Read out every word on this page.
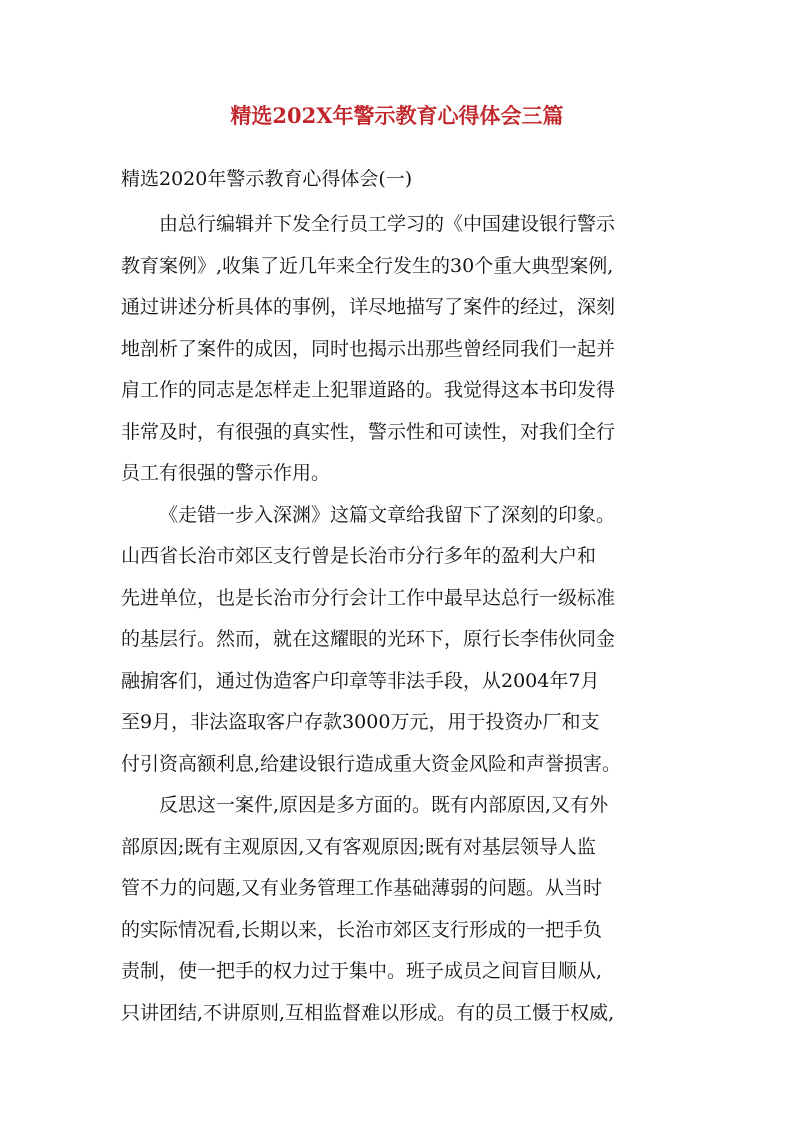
精选202X年警示教育心得体会三篇
精选2020年警示教育心得体会(一)

由总行编辑并下发全行员工学习的《中国建设银行警示
教育案例》,收集了近几年来全行发生的30个重大典型案例,
通过讲述分析具体的事例，详尽地描写了案件的经过，深刻
地剖析了案件的成因，同时也揭示出那些曾经同我们一起并
肩工作的同志是怎样走上犯罪道路的。我觉得这本书印发得
非常及时，有很强的真实性，警示性和可读性，对我们全行
员工有很强的警示作用。

《走错一步入深渊》这篇文章给我留下了深刻的印象。
山西省长治市郊区支行曾是长治市分行多年的盈利大户和
先进单位，也是长治市分行会计工作中最早达总行一级标准
的基层行。然而，就在这耀眼的光环下，原行长李伟伙同金
融掮客们，通过伪造客户印章等非法手段，从2004年7月
至9月，非法盗取客户存款3000万元，用于投资办厂和支
付引资高额利息,给建设银行造成重大资金风险和声誉损害。

反思这一案件,原因是多方面的。既有内部原因,又有外
部原因;既有主观原因,又有客观原因;既有对基层领导人监
管不力的问题,又有业务管理工作基础薄弱的问题。从当时
的实际情况看,长期以来，长治市郊区支行形成的一把手负
责制，使一把手的权力过于集中。班子成员之间盲目顺从,
只讲团结,不讲原则,互相监督难以形成。有的员工慑于权威,
